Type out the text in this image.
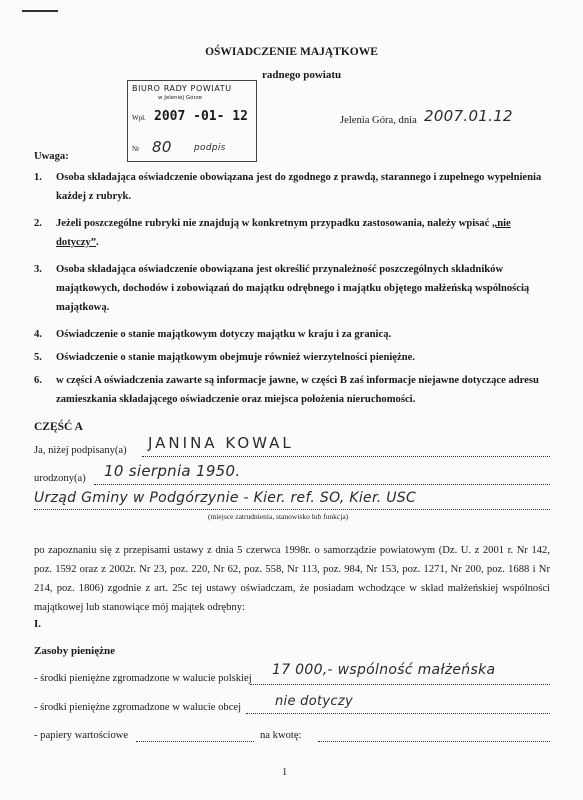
OŚWIADCZENIE MAJĄTKOWE
radnego powiatu
BIURO RADY POWIATU
w Jeleniej Górze
Wpł. 2007 -01- 12
Nr 80 podpis
Jelenia Góra, dnia 2007.01.12
Uwaga:
1. Osoba składająca oświadczenie obowiązana jest do zgodnego z prawdą, starannego i zupełnego wypełnienia każdej z rubryk.
2. Jeżeli poszczególne rubryki nie znajdują w konkretnym przypadku zastosowania, należy wpisać „nie dotyczy”.
3. Osoba składająca oświadczenie obowiązana jest określić przynależność poszczególnych składników majątkowych, dochodów i zobowiązań do majątku odrębnego i majątku objętego małżeńską wspólnością majątkową.
4. Oświadczenie o stanie majątkowym dotyczy majątku w kraju i za granicą.
5. Oświadczenie o stanie majątkowym obejmuje również wierzytelności pieniężne.
6. w części A oświadczenia zawarte są informacje jawne, w części B zaś informacje niejawne dotyczące adresu zamieszkania składającego oświadczenie oraz miejsca położenia nieruchomości.
CZĘŚĆ A
Ja, niżej podpisany(a) JANINA KOWAL
urodzony(a) 10 sierpnia 1950.
Urząd Gminy w Podgórzynie - Kier. ref. SO, Kier. USC
(miejsce zatrudnienia, stanowisko lub funkcja)
po zapoznaniu się z przepisami ustawy z dnia 5 czerwca 1998r. o samorządzie powiatowym (Dz. U. z 2001 r. Nr 142, poz. 1592 oraz z 2002r. Nr 23, poz. 220, Nr 62, poz. 558, Nr 113, poz. 984, Nr 153, poz. 1271, Nr 200, poz. 1688 i Nr 214, poz. 1806) zgodnie z art. 25c tej ustawy oświadczam, że posiadam wchodzące w skład małżeńskiej wspólności majątkowej lub stanowiące mój majątek odrębny:
I.
Zasoby pieniężne
- środki pieniężne zgromadzone w walucie polskiej
17 000,- wspólność małżeńska
- środki pieniężne zgromadzone w walucie obcej	nie dotyczy
- papiery wartościowe	na kwotę:
1
